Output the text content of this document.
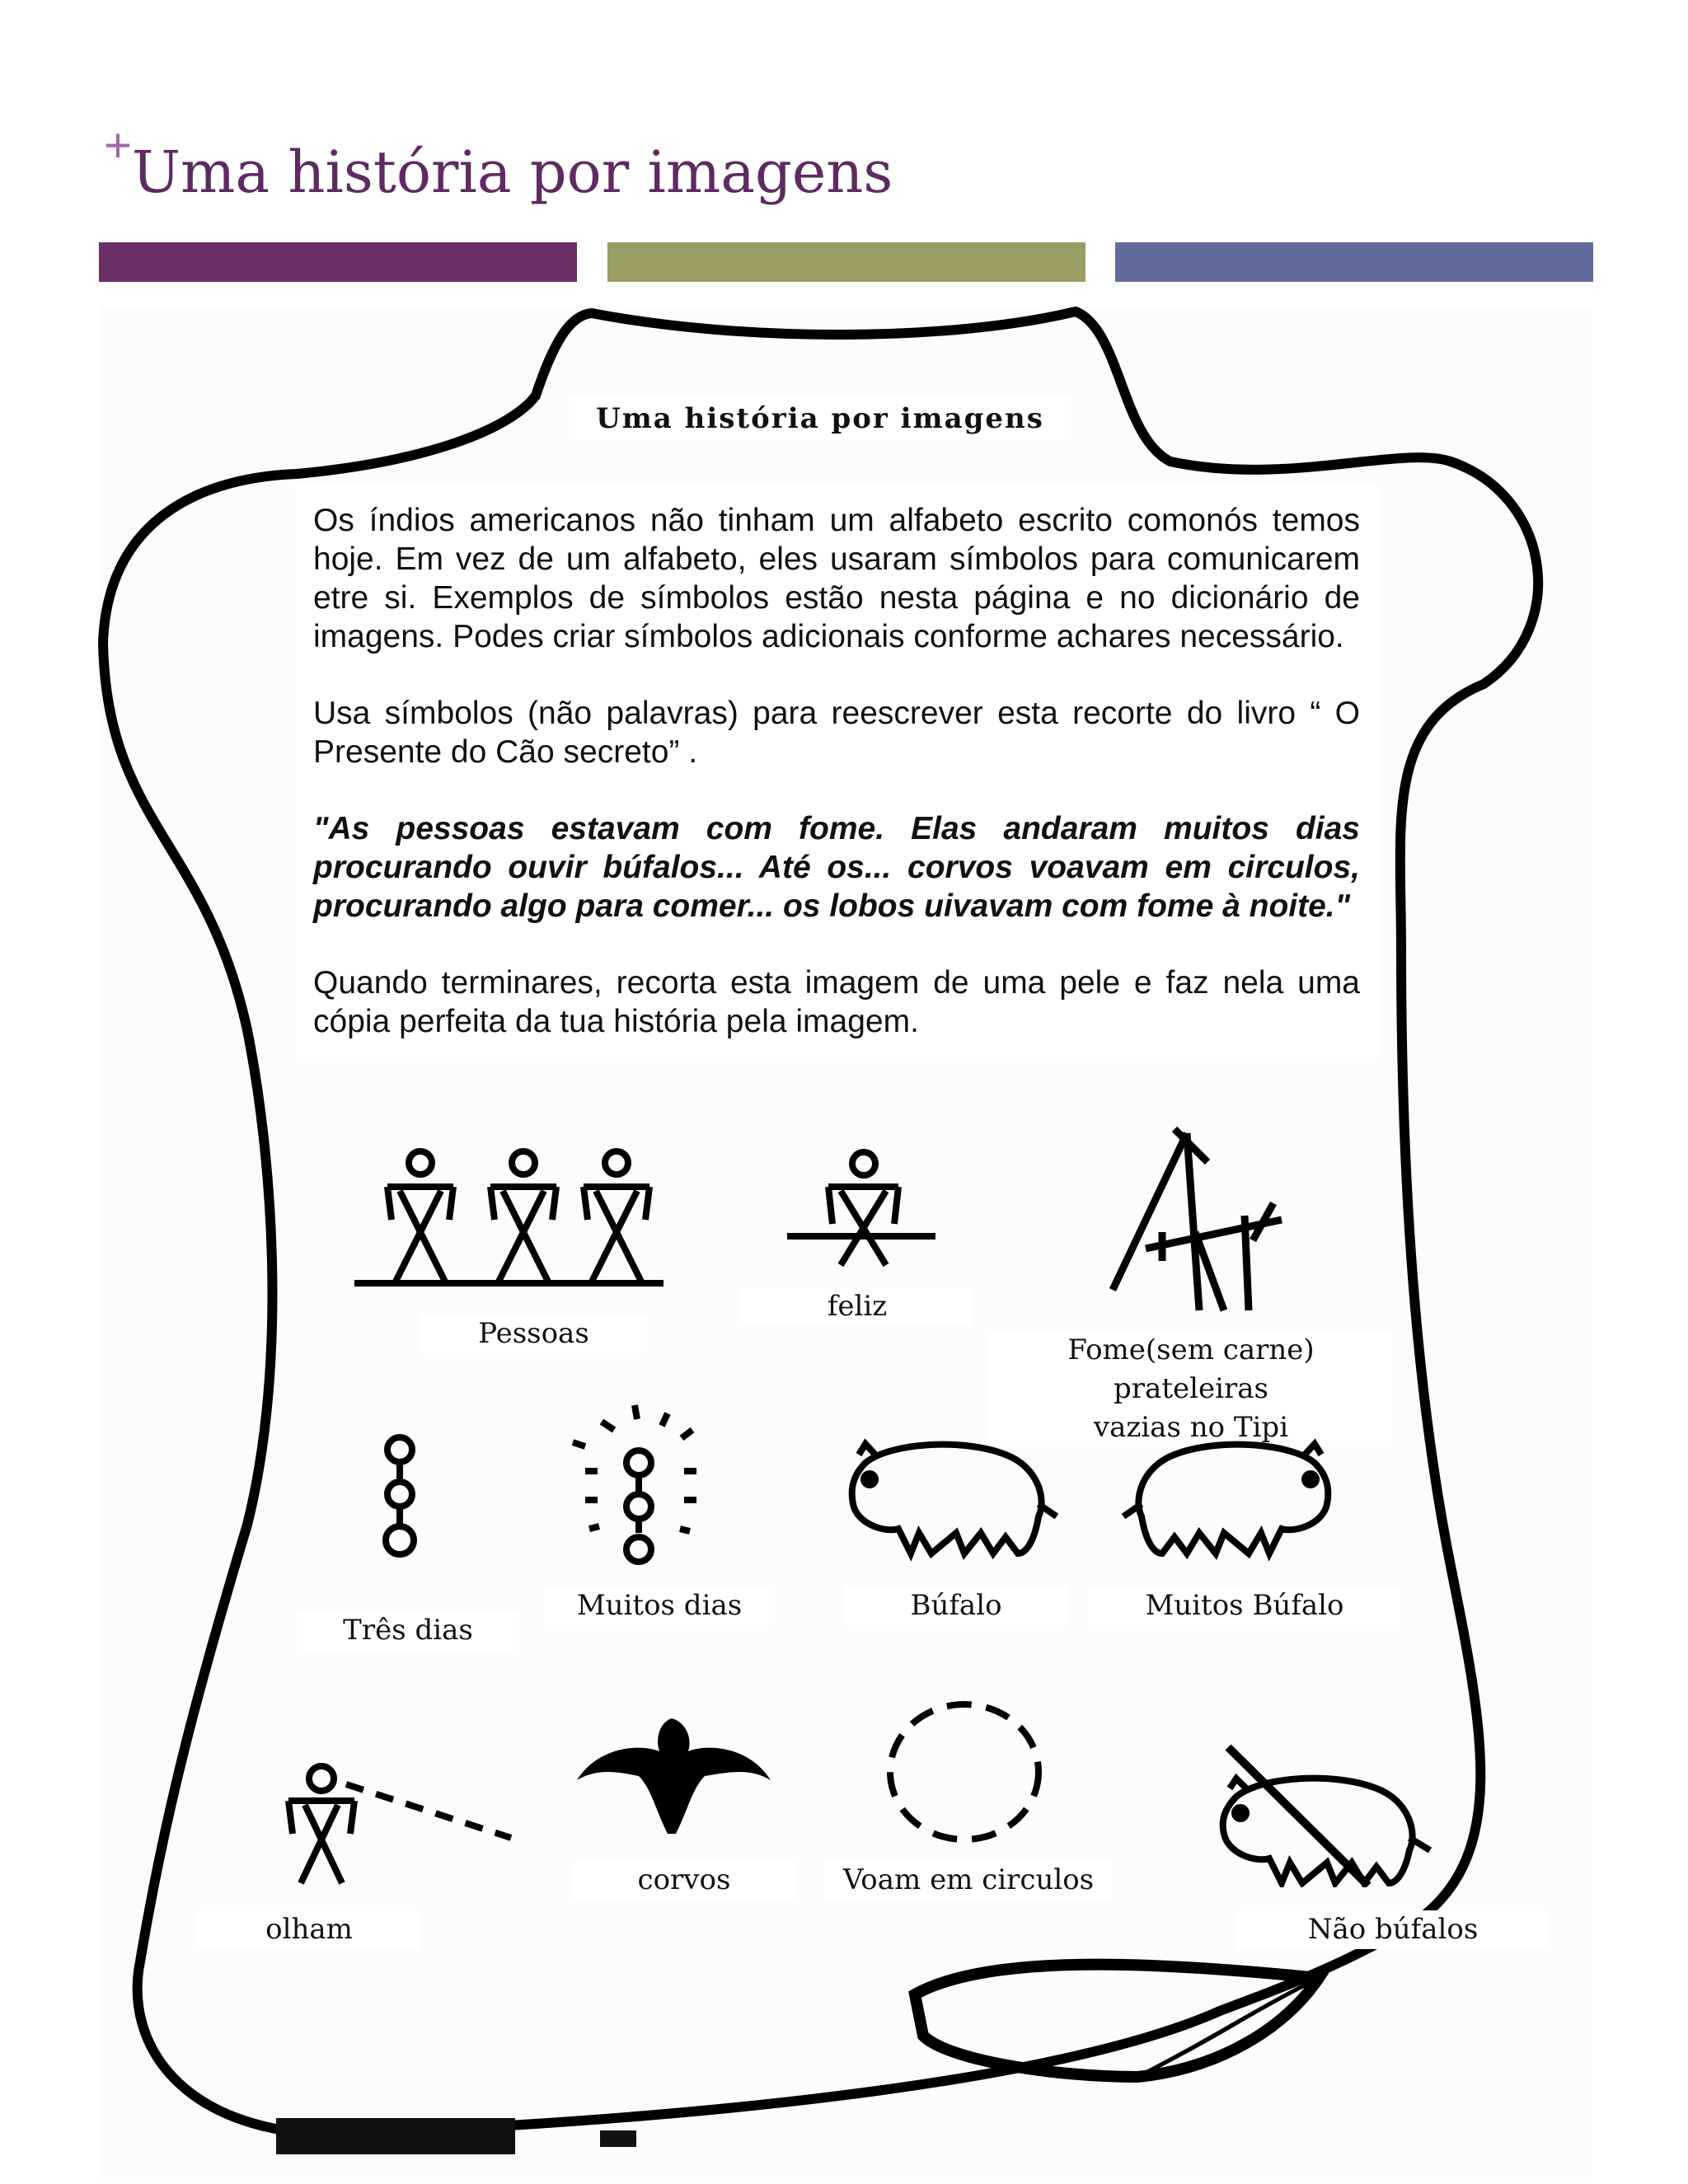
+ Uma história por imagens
Uma história por imagens

Os índios americanos não tinham um alfabeto escrito comonós temos hoje. Em vez de um alfabeto, eles usaram símbolos para comunicarem etre si. Exemplos de símbolos estão nesta página e no dicionário de imagens. Podes criar símbolos adicionais conforme achares necessário.

Usa símbolos (não palavras) para reescrever esta recorte do livro “ O Presente do Cão secreto” .

"As pessoas estavam com fome. Elas andaram muitos dias procurando ouvir búfalos... Até os... corvos voavam em circulos, procurando algo para comer... os lobos uivavam com fome à noite."

Quando terminares, recorta esta imagem de uma pele e faz nela uma cópia perfeita da tua história pela imagem.

Pessoas
feliz
Fome(sem carne) prateleiras
vazias no Tipi
Três dias
Muitos dias	Búfalo	Muitos Búfalo
olham
corvos	Voam em circulos
Não búfalos
